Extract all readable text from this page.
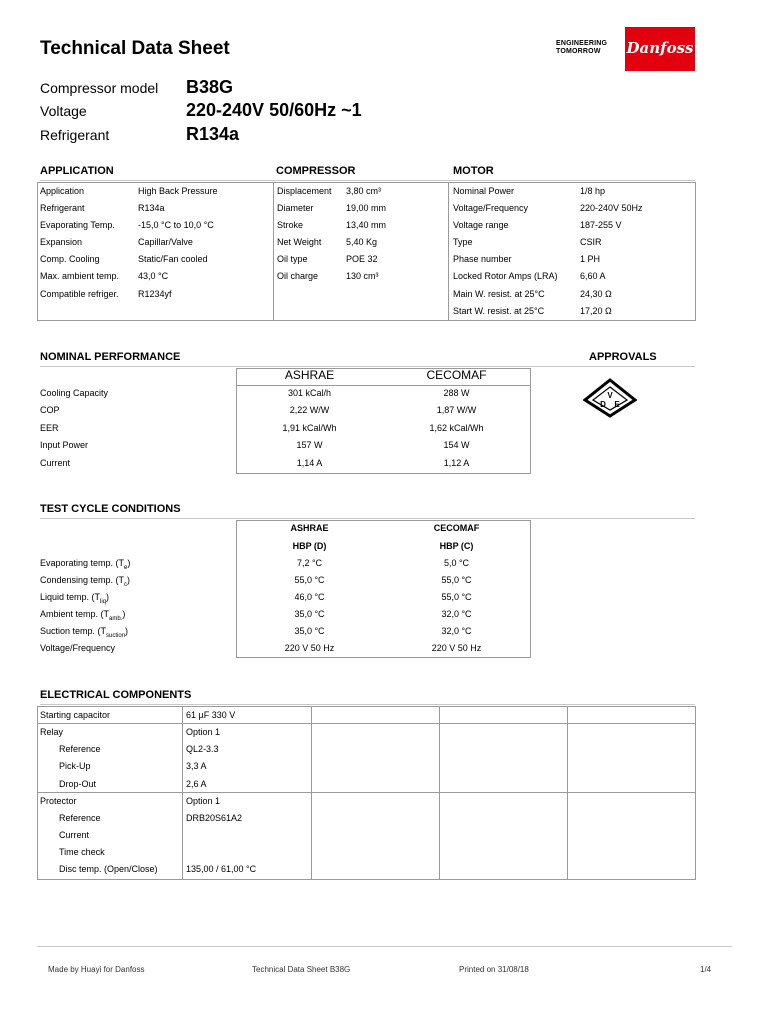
Technical Data Sheet	ENGINEERING
TOMORROW	Danfoss
Compressor model B38G
Voltage	220-240V 50/60Hz ~1
Refrigerant	R134a
APPLICATION	COMPRESSOR	MOTOR
Application	High Back Pressure
Refrigerant	R134a
Evaporating Temp.	-15,0 °C to 10,0 °C
Expansion	Capillar/Valve
Comp. Cooling	Static/Fan cooled
Max. ambient temp. 43,0 °C
Compatible refriger. R1234yf
Displacement 3,80 cm³
Diameter	19,00 mm
Stroke	13,40 mm
Net Weight	5,40 Kg
Oil type	POE 32
Oil charge	130 cm³
Nominal Power	1/8 hp
Voltage/Frequency	220-240V 50Hz
Voltage range	187-255 V
Type	CSIR
Phase number	1 PH
Locked Rotor Amps (LRA) 6,60 A
Main W. resist. at 25°C	24,30 Ω
Start W. resist. at 25°C	17,20 Ω
NOMINAL PERFORMANCE	APPROVALS
ASHRAE	CECOMAF
Cooling Capacity	301 kCal/h	288 W
COP	2,22 W/W	1,87 W/W
EER	1,91 kCal/Wh	1,62 kCal/Wh
Input Power	157 W	154 W
Current	1,14 A	1,12 A
V
D E
TEST CYCLE CONDITIONS
ASHRAE	CECOMAF
HBP (D)	HBP (C)
Evaporating temp. $(T_e)$	7,2 °C	5,0 °C
Condensing temp. $(T_c)$	55,0 °C	55,0 °C
Liquid temp. $(T_{liq})$	46,0 °C	55,0 °C
Ambient temp. $(T_{amb.})$	35,0 °C	32,0 °C
Suction temp. $(T_{suction})$	35,0 °C	32,0 °C
Voltage/Frequency	220 V 50 Hz	220 V 50 Hz
ELECTRICAL COMPONENTS
Starting capacitor	61 µF 330 V
Relay	Option 1
Reference	QL2-3.3
Pick-Up	3,3 A
Drop-Out	2,6 A
Protector	Option 1
Reference	DRB20S61A2
Current
Time check
Disc temp. (Open/Close)	135,00 / 61,00 °C
Made by Huayi for Danfoss	Technical Data Sheet B38G	Printed on 31/08/18	1/4
